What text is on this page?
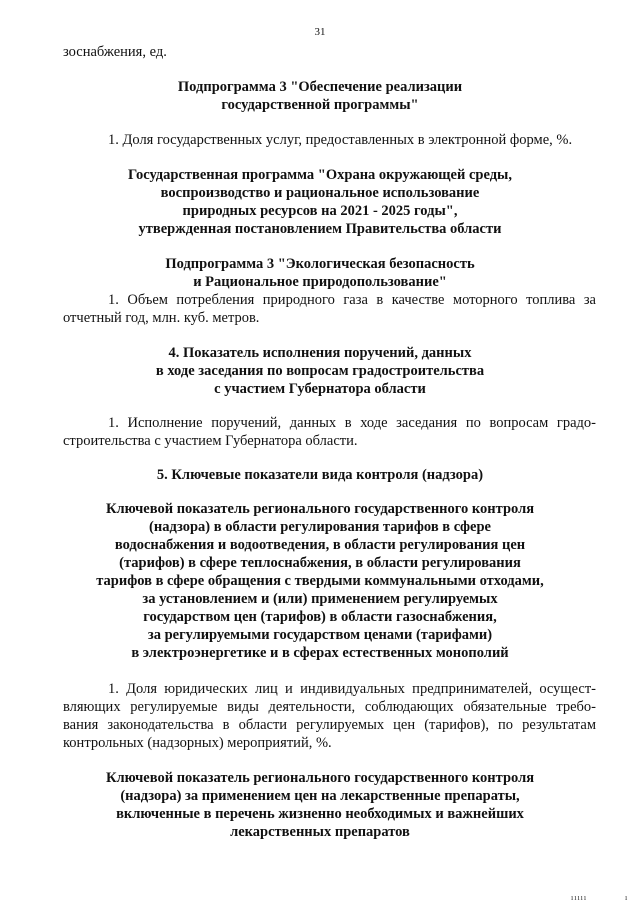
31
зоснабжения, ед.
Подпрограмма 3 "Обеспечение реализации
государственной программы"
1. Доля государственных услуг, предоставленных в электронной форме, %.
Государственная программа "Охрана окружающей среды,
воспроизводство и рациональное использование
природных ресурсов на 2021 - 2025 годы",
утвержденная постановлением Правительства области
Подпрограмма 3 "Экологическая безопасность
и Рациональное природопользование"
1. Объем потребления природного газа в качестве моторного топлива за
отчетный год, млн. куб. метров.
4. Показатель исполнения поручений, данных
в ходе заседания по вопросам градостроительства
с участием Губернатора области
1. Исполнение поручений, данных в ходе заседания по вопросам градо-
строительства с участием Губернатора области.
5. Ключевые показатели вида контроля (надзора)
Ключевой показатель регионального государственного контроля
(надзора) в области регулирования тарифов в сфере
водоснабжения и водоотведения, в области регулирования цен
(тарифов) в сфере теплоснабжения, в области регулирования
тарифов в сфере обращения с твердыми коммунальными отходами,
за установлением и (или) применением регулируемых
государством цен (тарифов) в области газоснабжения,
за регулируемыми государством ценами (тарифами)
в электроэнергетике и в сферах естественных монополий
1. Доля юридических лиц и индивидуальных предпринимателей, осущест-
вляющих регулируемые виды деятельности, соблюдающих обязательные требо-
вания законодательства в области регулируемых цен (тарифов), по результатам
контрольных (надзорных) мероприятий, %.
Ключевой показатель регионального государственного контроля
(надзора) за применением цен на лекарственные препараты,
включенные в перечень жизненно необходимых и важнейших
лекарственных препаратов
ııııı	ı
